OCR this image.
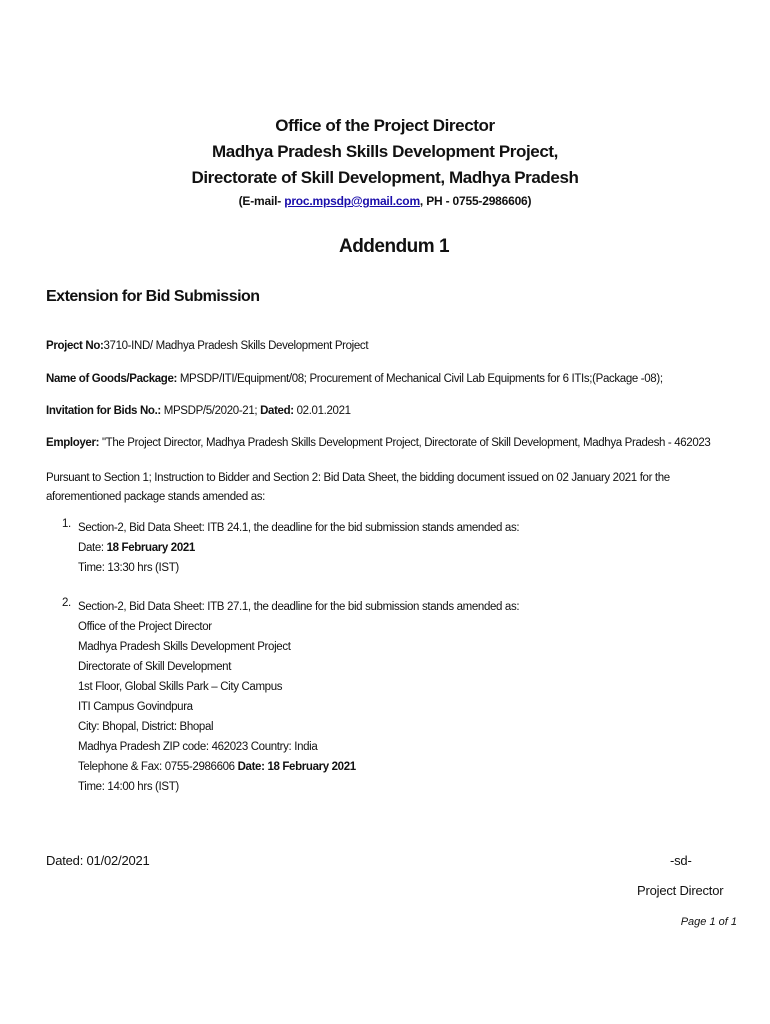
Office of the Project Director
Madhya Pradesh Skills Development Project,
Directorate of Skill Development, Madhya Pradesh
(E-mail- proc.mpsdp@gmail.com, PH - 0755-2986606)
Addendum 1
Extension for Bid Submission
Project No:3710-IND/ Madhya Pradesh Skills Development Project
Name of Goods/Package: MPSDP/ITI/Equipment/08; Procurement of Mechanical Civil Lab Equipments for 6 ITIs;(Package -08);
Invitation for Bids No.: MPSDP/5/2020-21; Dated: 02.01.2021
Employer: "The Project Director, Madhya Pradesh Skills Development Project, Directorate of Skill Development, Madhya Pradesh - 462023
Pursuant to Section 1; Instruction to Bidder and Section 2: Bid Data Sheet, the bidding document issued on 02 January 2021 for the aforementioned package stands amended as:
1. Section-2, Bid Data Sheet: ITB 24.1, the deadline for the bid submission stands amended as:
Date: 18 February 2021
Time: 13:30 hrs (IST)
2. Section-2, Bid Data Sheet: ITB 27.1, the deadline for the bid submission stands amended as:
Office of the Project Director
Madhya Pradesh Skills Development Project
Directorate of Skill Development
1st Floor, Global Skills Park – City Campus
ITI Campus Govindpura
City: Bhopal, District: Bhopal
Madhya Pradesh ZIP code: 462023 Country: India
Telephone & Fax: 0755-2986606 Date: 18 February 2021
Time: 14:00 hrs (IST)
Dated: 01/02/2021	-sd-
Project Director
Page 1 of 1
